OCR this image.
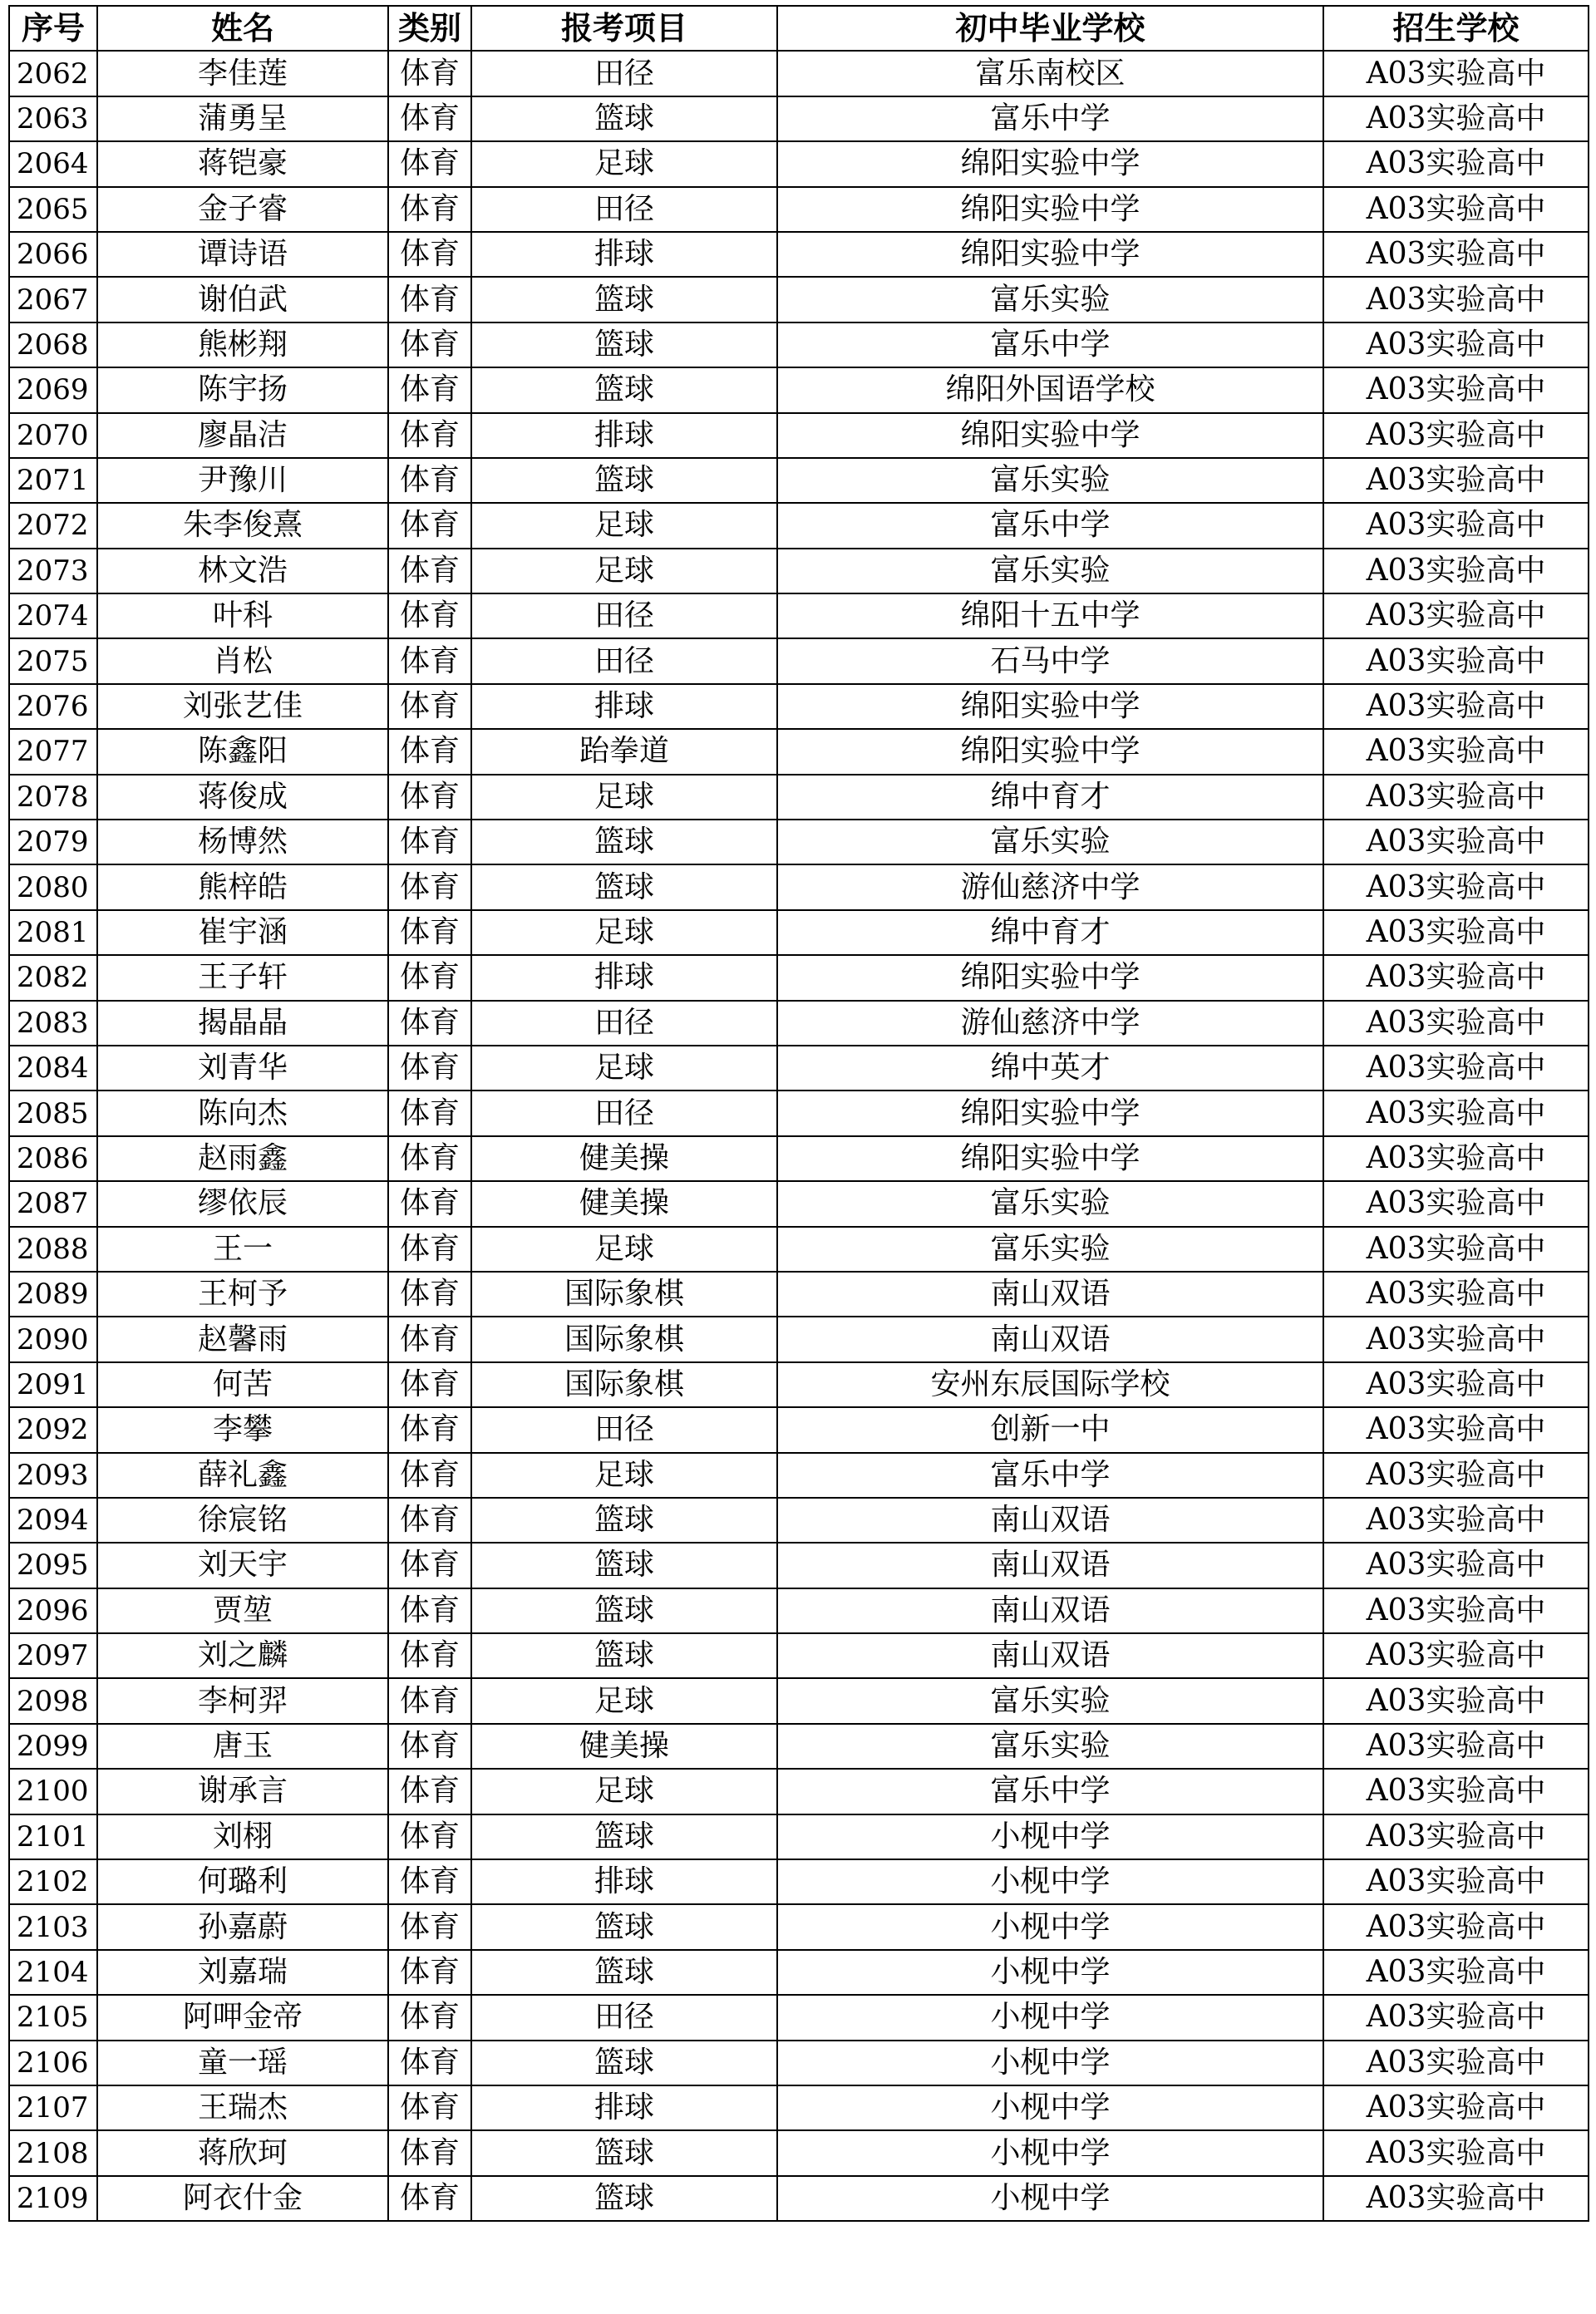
序号	姓名	类别	报考项目	初中毕业学校	招生学校
2062	李佳莲	体育	田径	富乐南校区	A03实验高中
2063	蒲勇呈	体育	篮球	富乐中学	A03实验高中
2064	蒋铠豪	体育	足球	绵阳实验中学	A03实验高中
2065	金子睿	体育	田径	绵阳实验中学	A03实验高中
2066	谭诗语	体育	排球	绵阳实验中学	A03实验高中
2067	谢伯武	体育	篮球	富乐实验	A03实验高中
2068	熊彬翔	体育	篮球	富乐中学	A03实验高中
2069	陈宇扬	体育	篮球	绵阳外国语学校	A03实验高中
2070	廖晶洁	体育	排球	绵阳实验中学	A03实验高中
2071	尹豫川	体育	篮球	富乐实验	A03实验高中
2072	朱李俊熹	体育	足球	富乐中学	A03实验高中
2073	林文浩	体育	足球	富乐实验	A03实验高中
2074	叶科	体育	田径	绵阳十五中学	A03实验高中
2075	肖松	体育	田径	石马中学	A03实验高中
2076	刘张艺佳	体育	排球	绵阳实验中学	A03实验高中
2077	陈鑫阳	体育	跆拳道	绵阳实验中学	A03实验高中
2078	蒋俊成	体育	足球	绵中育才	A03实验高中
2079	杨博然	体育	篮球	富乐实验	A03实验高中
2080	熊梓皓	体育	篮球	游仙慈济中学	A03实验高中
2081	崔宇涵	体育	足球	绵中育才	A03实验高中
2082	王子轩	体育	排球	绵阳实验中学	A03实验高中
2083	揭晶晶	体育	田径	游仙慈济中学	A03实验高中
2084	刘青华	体育	足球	绵中英才	A03实验高中
2085	陈向杰	体育	田径	绵阳实验中学	A03实验高中
2086	赵雨鑫	体育	健美操	绵阳实验中学	A03实验高中
2087	缪依辰	体育	健美操	富乐实验	A03实验高中
2088	王一	体育	足球	富乐实验	A03实验高中
2089	王柯予	体育	国际象棋	南山双语	A03实验高中
2090	赵馨雨	体育	国际象棋	南山双语	A03实验高中
2091	何苦	体育	国际象棋	安州东辰国际学校	A03实验高中
2092	李攀	体育	田径	创新一中	A03实验高中
2093	薛礼鑫	体育	足球	富乐中学	A03实验高中
2094	徐宸铭	体育	篮球	南山双语	A03实验高中
2095	刘天宇	体育	篮球	南山双语	A03实验高中
2096	贾堃	体育	篮球	南山双语	A03实验高中
2097	刘之麟	体育	篮球	南山双语	A03实验高中
2098	李柯羿	体育	足球	富乐实验	A03实验高中
2099	唐玉	体育	健美操	富乐实验	A03实验高中
2100	谢承言	体育	足球	富乐中学	A03实验高中
2101	刘栩	体育	篮球	小枧中学	A03实验高中
2102	何璐利	体育	排球	小枧中学	A03实验高中
2103	孙嘉蔚	体育	篮球	小枧中学	A03实验高中
2104	刘嘉瑞	体育	篮球	小枧中学	A03实验高中
2105	阿呷金帝	体育	田径	小枧中学	A03实验高中
2106	童一瑶	体育	篮球	小枧中学	A03实验高中
2107	王瑞杰	体育	排球	小枧中学	A03实验高中
2108	蒋欣珂	体育	篮球	小枧中学	A03实验高中
2109	阿衣什金	体育	篮球	小枧中学	A03实验高中
